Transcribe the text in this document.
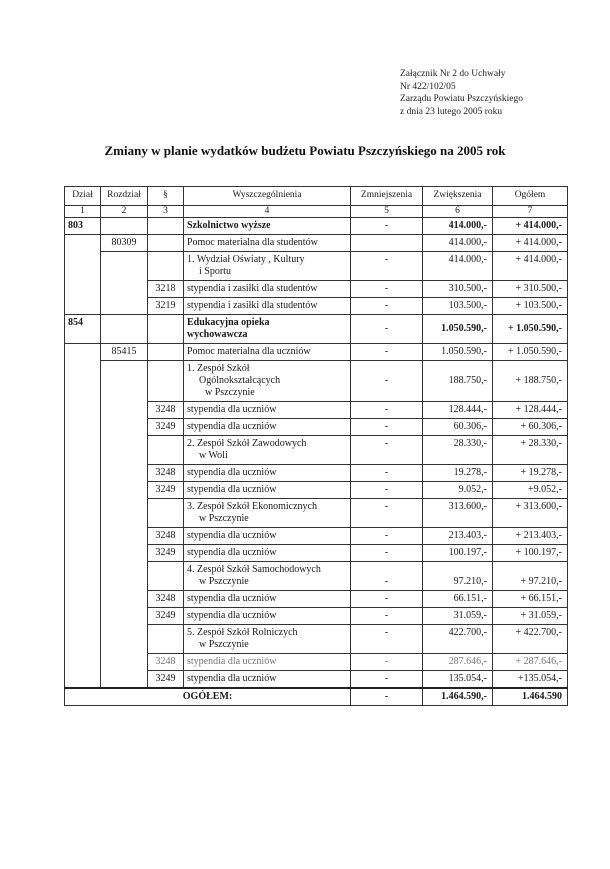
Załącznik Nr 2 do Uchwały
Nr 422/102/05
Zarządu Powiatu Pszczyńskiego
z dnia 23 lutego 2005 roku
Zmiany w planie wydatków budżetu Powiatu Pszczyńskiego na 2005 rok
Dział	Rozdział	§	Wyszczególnienia	Zmniejszenia	Zwiększenia	Ogółem
1	2	3	4	5	6	7
803			Szkolnictwo wyższe	-	414.000,-	+ 414.000,-
	80309		Pomoc materialna dla studentów		414.000,-	+ 414.000,-
			1. Wydział Oświaty , Kultury
i Sportu	-	414.000,-	+ 414.000,-
		3218	stypendia i zasiłki dla studentów	-	310.500,-	+ 310.500,-
		3219	stypendia i zasiłki dla studentów	-	103.500,-	+ 103.500,-
854			Edukacyjna opieka
wychowawcza	-	1.050.590,-	+ 1.050.590,-
	85415		Pomoc materialna dla uczniów	-	1.050.590,-	+ 1.050.590,-
			1. Zespół Szkół
Ogólnokształcących
w Pszczynie	-	188.750,-	+ 188.750,-
		3248	stypendia dla uczniów	-	128.444,-	+ 128.444,-
		3249	stypendia dla uczniów	-	60.306,-	+ 60.306,-
			2. Zespół Szkół Zawodowych
w Woli	-	28.330,-	+ 28.330,-
		3248	stypendia dla uczniów	-	19.278,-	+ 19.278,-
		3249	stypendia dla uczniów	-	9.052,-	+9.052,-
			3. Zespół Szkół Ekonomicznych
w Pszczynie	-	313.600,-	+ 313.600,-
		3248	stypendia dla uczniów	-	213.403,-	+ 213.403,-
		3249	stypendia dla uczniów	-	100.197,-	+ 100.197,-
			4. Zespół Szkół Samochodowych
w Pszczynie	-	97.210,-	+ 97.210,-
		3248	stypendia dla uczniów	-	66.151,-	+ 66.151,-
		3249	stypendia dla uczniów	-	31.059,-	+ 31.059,-
			5. Zespół Szkół Rolniczych
w Pszczynie	-	422.700,-	+ 422.700,-
		3248	stypendia dla uczniów	-	287.646,-	+ 287.646,-
		3249	stypendia dla uczniów	-	135.054,-	+135.054,-
OGÓŁEM:				-	1.464.590,-	1.464.590
